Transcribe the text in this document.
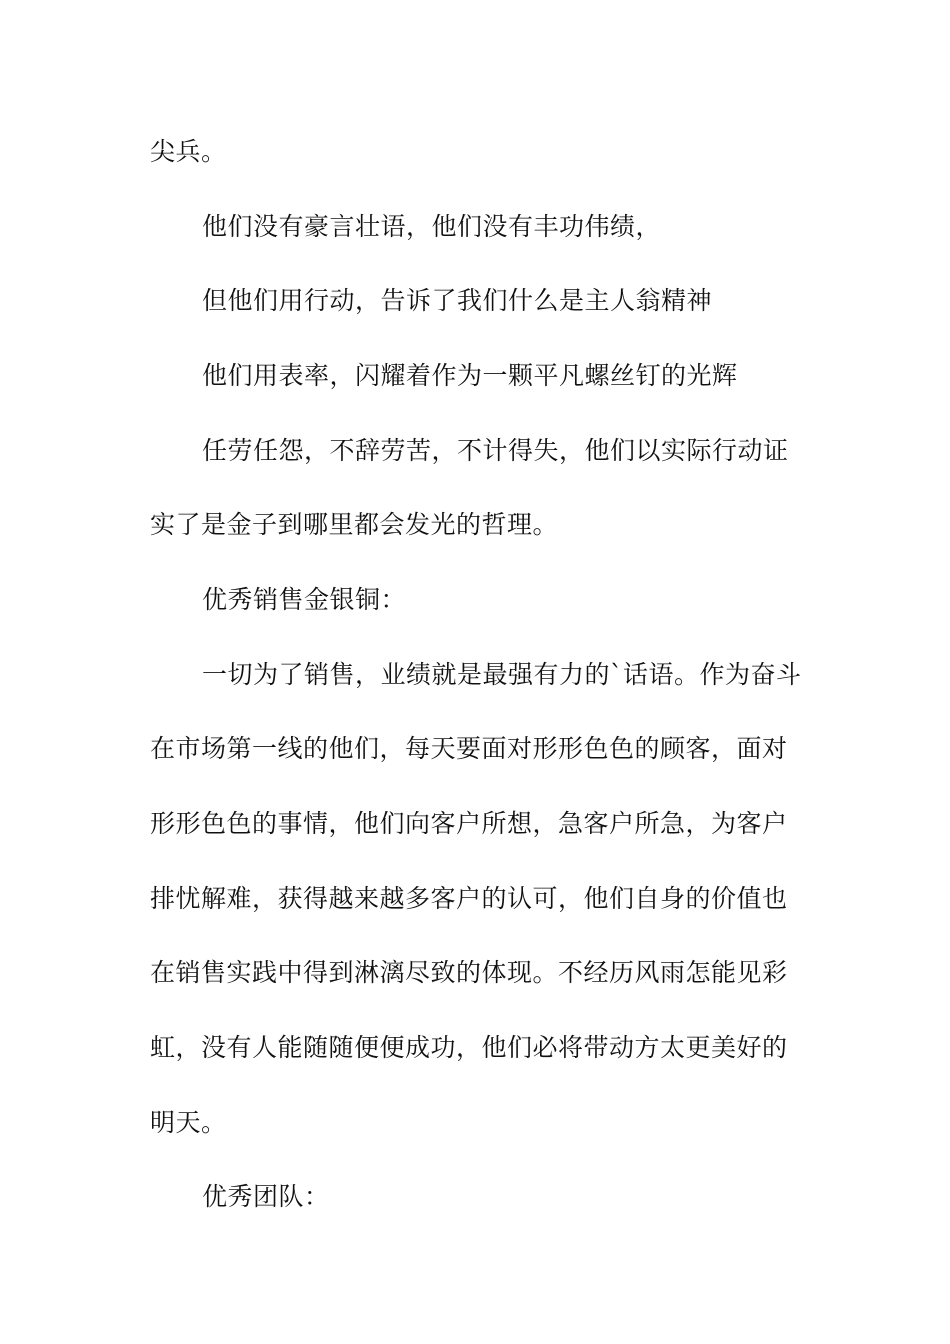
尖兵。
他们没有豪言壮语，他们没有丰功伟绩，
但他们用行动，告诉了我们什么是主人翁精神
他们用表率，闪耀着作为一颗平凡螺丝钉的光辉
任劳任怨，不辞劳苦，不计得失，他们以实际行动证
实了是金子到哪里都会发光的哲理。
优秀销售金银铜：
一切为了销售，业绩就是最强有力的`话语。作为奋斗
在市场第一线的他们，每天要面对形形色色的顾客，面对
形形色色的事情，他们向客户所想，急客户所急，为客户
排忧解难，获得越来越多客户的认可，他们自身的价值也
在销售实践中得到淋漓尽致的体现。不经历风雨怎能见彩
虹，没有人能随随便便成功，他们必将带动方太更美好的
明天。
优秀团队：
